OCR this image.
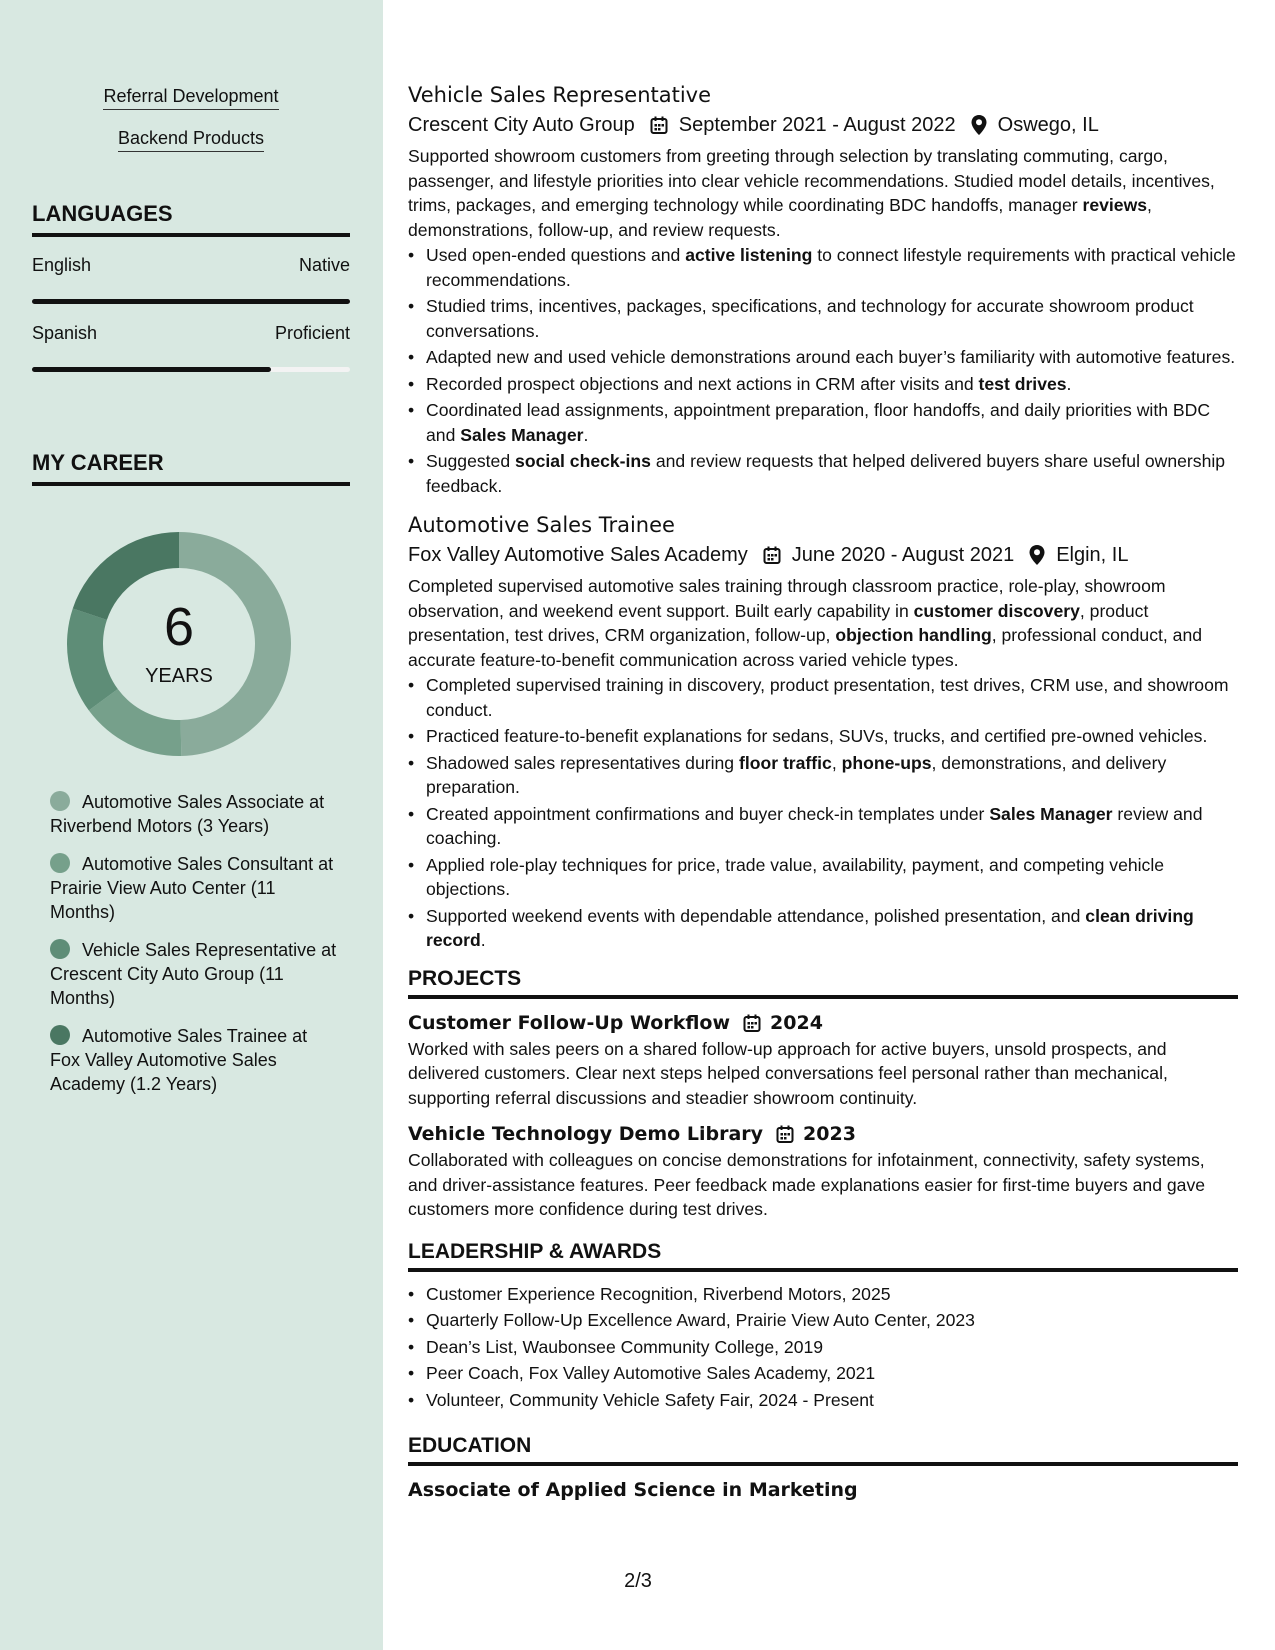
Referral Development
Backend Products
LANGUAGES
English	Native
Spanish	Proficient
MY CAREER
6
YEARS
Automotive Sales Associate at Riverbend Motors (3 Years)
Automotive Sales Consultant at Prairie View Auto Center (11 Months)
Vehicle Sales Representative at Crescent City Auto Group (11 Months)
Automotive Sales Trainee at Fox Valley Automotive Sales Academy (1.2 Years)
Vehicle Sales Representative
Crescent City Auto Group September 2021 - August 2022 Oswego, IL
Supported showroom customers from greeting through selection by translating commuting, cargo, passenger, and lifestyle priorities into clear vehicle recommendations. Studied model details, incentives, trims, packages, and emerging technology while coordinating BDC handoffs, manager reviews, demonstrations, follow-up, and review requests.
• Used open-ended questions and active listening to connect lifestyle requirements with practical vehicle recommendations.
• Studied trims, incentives, packages, specifications, and technology for accurate showroom product conversations.
• Adapted new and used vehicle demonstrations around each buyer’s familiarity with automotive features.
• Recorded prospect objections and next actions in CRM after visits and test drives.
• Coordinated lead assignments, appointment preparation, floor handoffs, and daily priorities with BDC and Sales Manager.
• Suggested social check-ins and review requests that helped delivered buyers share useful ownership feedback.
Automotive Sales Trainee
Fox Valley Automotive Sales Academy June 2020 - August 2021 Elgin, IL
Completed supervised automotive sales training through classroom practice, role-play, showroom observation, and weekend event support. Built early capability in customer discovery, product presentation, test drives, CRM organization, follow-up, objection handling, professional conduct, and accurate feature-to-benefit communication across varied vehicle types.
• Completed supervised training in discovery, product presentation, test drives, CRM use, and showroom conduct.
• Practiced feature-to-benefit explanations for sedans, SUVs, trucks, and certified pre-owned vehicles.
• Shadowed sales representatives during floor traffic, phone-ups, demonstrations, and delivery preparation.
• Created appointment confirmations and buyer check-in templates under Sales Manager review and coaching.
• Applied role-play techniques for price, trade value, availability, payment, and competing vehicle objections.
• Supported weekend events with dependable attendance, polished presentation, and clean driving record.
PROJECTS
Customer Follow-Up Workflow 2024
Worked with sales peers on a shared follow-up approach for active buyers, unsold prospects, and delivered customers. Clear next steps helped conversations feel personal rather than mechanical, supporting referral discussions and steadier showroom continuity.
Vehicle Technology Demo Library 2023
Collaborated with colleagues on concise demonstrations for infotainment, connectivity, safety systems, and driver-assistance features. Peer feedback made explanations easier for first-time buyers and gave customers more confidence during test drives.
LEADERSHIP & AWARDS
• Customer Experience Recognition, Riverbend Motors, 2025
• Quarterly Follow-Up Excellence Award, Prairie View Auto Center, 2023
• Dean’s List, Waubonsee Community College, 2019
• Peer Coach, Fox Valley Automotive Sales Academy, 2021
• Volunteer, Community Vehicle Safety Fair, 2024 - Present
EDUCATION
Associate of Applied Science in Marketing
2/3
